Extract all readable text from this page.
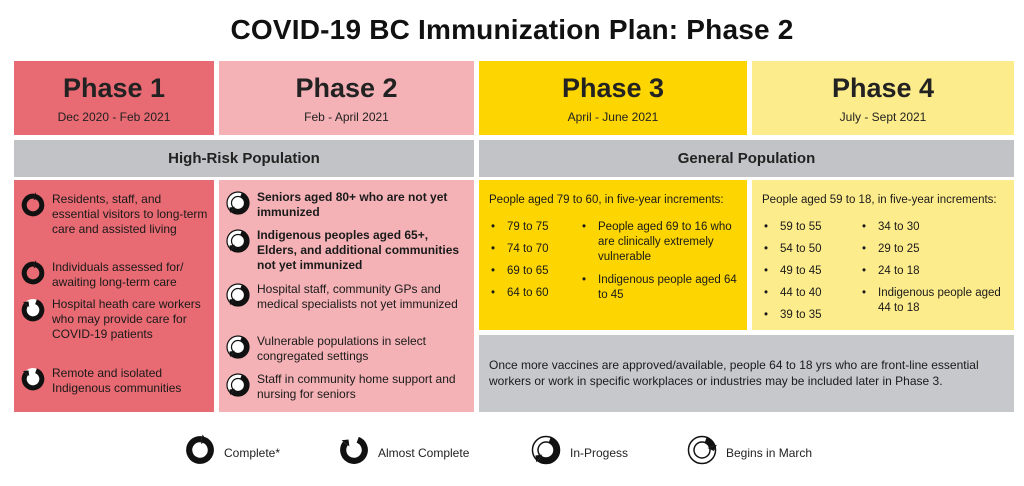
COVID-19 BC Immunization Plan: Phase 2
Phase 1
Dec 2020 - Feb 2021
Phase 2
Feb - April 2021
Phase 3
April - June 2021
Phase 4
July - Sept 2021
High-Risk Population	General Population
Residents, staff, and essential visitors to long-term care and assisted living
Individuals assessed for/ awaiting long-term care
Hospital heath care workers who may provide care for COVID-19 patients
Remote and isolated Indigenous communities
Seniors aged 80+ who are not yet immunized
Indigenous peoples aged 65+, Elders, and additional communities not yet immunized
Hospital staff, community GPs and medical specialists not yet immunized
Vulnerable populations in select congregated settings
Staff in community home support and nursing for seniors
People aged 79 to 60, in five-year increments:
•	79 to 75
•	74 to 70
•	69 to 65
•	64 to 60
•	People aged 69 to 16 who are clinically extremely vulnerable
•	Indigenous people aged 64 to 45
People aged 59 to 18, in five-year increments:
•	59 to 55
•	54 to 50
•	49 to 45
•	44 to 40
•	39 to 35
•	34 to 30
•	29 to 25
•	24 to 18
•	Indigenous people aged 44 to 18
Once more vaccines are approved/available, people 64 to 18 yrs who are front-line essential workers or work in specific workplaces or industries may be included later in Phase 3.
Complete*	Almost Complete	In-Progess	Begins in March
